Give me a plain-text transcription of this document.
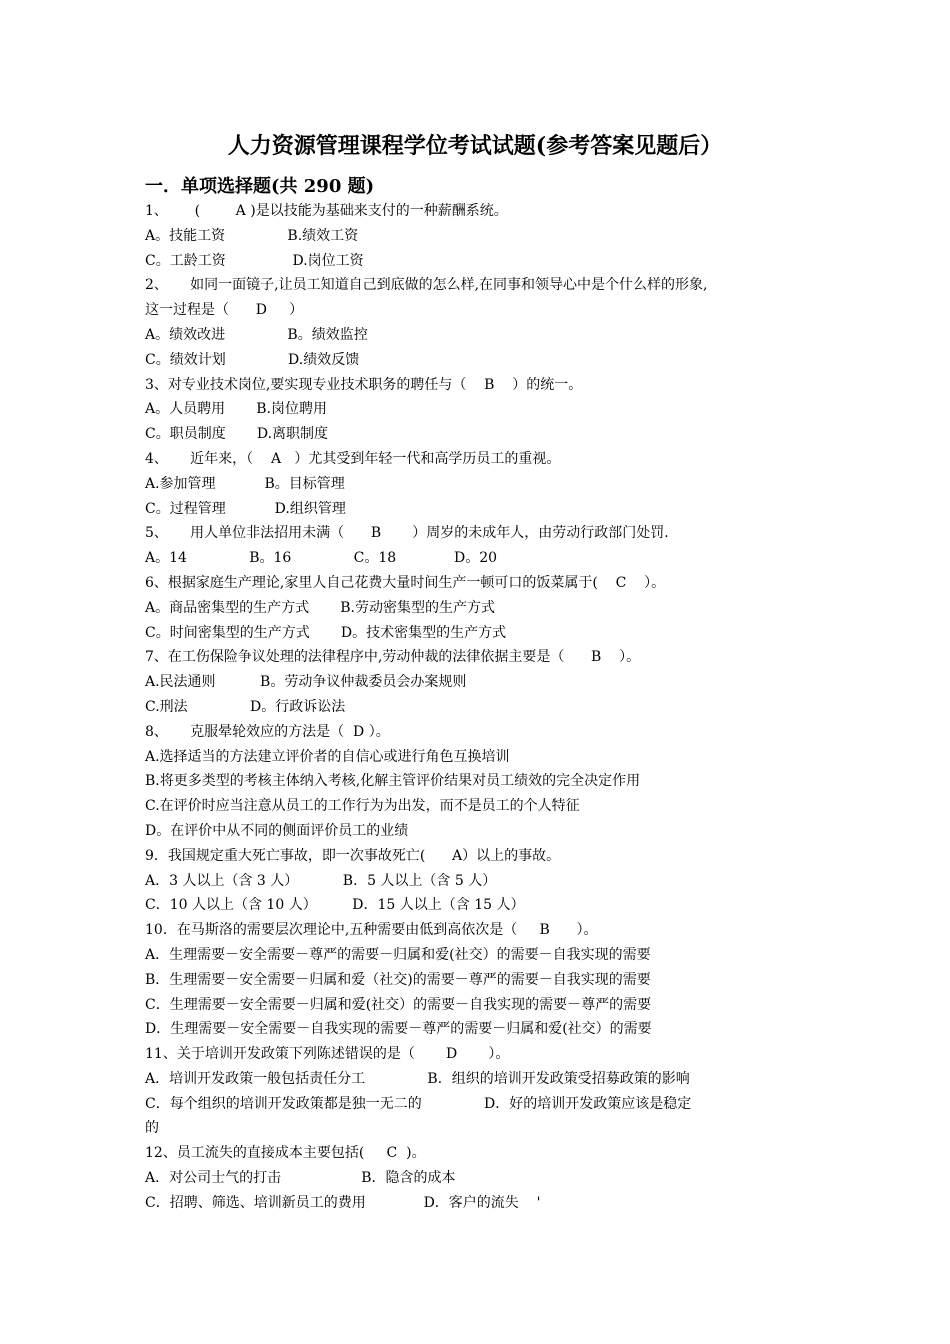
人力资源管理课程学位考试试题(参考答案见题后）
一．单项选择题(共 290 题)
1、      (        A )是以技能为基础来支付的一种薪酬系统。
A。技能工资              B.绩效工资
C。工龄工资               D.岗位工资
2、     如同一面镜子,让员工知道自己到底做的怎么样,在同事和领导心中是个什么样的形象,
这一过程是（      D     ）
A。绩效改进              B。绩效监控
C。绩效计划              D.绩效反馈
3、对专业技术岗位,要实现专业技术职务的聘任与（    B    ）的统一。
A。人员聘用       B.岗位聘用
C。职员制度       D.离职制度
4、     近年来，（    A   ）尤其受到年轻一代和高学历员工的重视。
A.参加管理           B。目标管理
C。过程管理           D.组织管理
5、     用人单位非法招用未满（      B       ）周岁的未成年人，由劳动行政部门处罚.
A。14              B。16              C。18             D。20
6、根据家庭生产理论,家里人自己花费大量时间生产一顿可口的饭菜属于(    C    ）。
A。商品密集型的生产方式       B.劳动密集型的生产方式
C。时间密集型的生产方式       D。技术密集型的生产方式
7、在工伤保险争议处理的法律程序中,劳动仲裁的法律依据主要是（      B    ）。
A.民法通则          B。劳动争议仲裁委员会办案规则
C.刑法              D。行政诉讼法
8、     克服晕轮效应的方法是（  D ）。
A.选择适当的方法建立评价者的自信心或进行角色互换培训
B.将更多类型的考核主体纳入考核,化解主管评价结果对员工绩效的完全决定作用
C.在评价时应当注意从员工的工作行为为出发，而不是员工的个人特征
D。在评价中从不同的侧面评价员工的业绩
9．我国规定重大死亡事故，即一次事故死亡(      A）以上的事故。
A．3 人以上（含 3 人）          B．5 人以上（含 5 人）
C．10 人以上（含 10 人）        D．15 人以上（含 15 人）
10．在马斯洛的需要层次理论中,五种需要由低到高依次是（     B      ）。
A．生理需要－安全需要－尊严的需要－归属和爱(社交）的需要－自我实现的需要
B．生理需要－安全需要－归属和爱（社交)的需要－尊严的需要－自我实现的需要
C．生理需要－安全需要－归属和爱(社交）的需要－自我实现的需要－尊严的需要
D．生理需要－安全需要－自我实现的需要－尊严的需要－归属和爱(社交）的需要
11、关于培训开发政策下列陈述错误的是（       D       ）。
A．培训开发政策一般包括责任分工              B．组织的培训开发政策受招募政策的影响
C．每个组织的培训开发政策都是独一无二的              D．好的培训开发政策应该是稳定
的
12、员工流失的直接成本主要包括(     C  )。
A．对公司士气的打击                  B．隐含的成本
C．招聘、筛选、培训新员工的费用             D．客户的流失    '
